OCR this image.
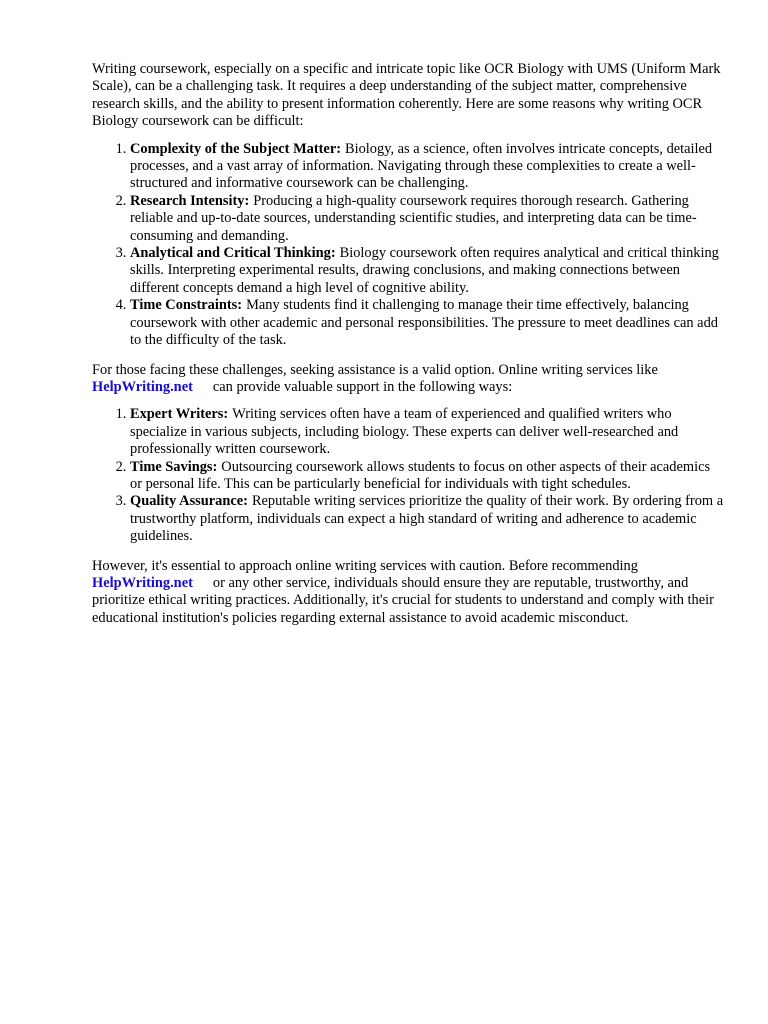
Writing coursework, especially on a specific and intricate topic like OCR Biology with UMS (Uniform Mark Scale), can be a challenging task. It requires a deep understanding of the subject matter, comprehensive research skills, and the ability to present information coherently. Here are some reasons why writing OCR Biology coursework can be difficult:

1. Complexity of the Subject Matter: Biology, as a science, often involves intricate concepts, detailed processes, and a vast array of information. Navigating through these complexities to create a well-structured and informative coursework can be challenging.
2. Research Intensity: Producing a high-quality coursework requires thorough research. Gathering reliable and up-to-date sources, understanding scientific studies, and interpreting data can be time-consuming and demanding.
3. Analytical and Critical Thinking: Biology coursework often requires analytical and critical thinking skills. Interpreting experimental results, drawing conclusions, and making connections between different concepts demand a high level of cognitive ability.
4. Time Constraints: Many students find it challenging to manage their time effectively, balancing coursework with other academic and personal responsibilities. The pressure to meet deadlines can add to the difficulty of the task.

For those facing these challenges, seeking assistance is a valid option. Online writing services like HelpWriting.net can provide valuable support in the following ways:

1. Expert Writers: Writing services often have a team of experienced and qualified writers who specialize in various subjects, including biology. These experts can deliver well-researched and professionally written coursework.
2. Time Savings: Outsourcing coursework allows students to focus on other aspects of their academics or personal life. This can be particularly beneficial for individuals with tight schedules.
3. Quality Assurance: Reputable writing services prioritize the quality of their work. By ordering from a trustworthy platform, individuals can expect a high standard of writing and adherence to academic guidelines.

However, it's essential to approach online writing services with caution. Before recommending HelpWriting.net or any other service, individuals should ensure they are reputable, trustworthy, and prioritize ethical writing practices. Additionally, it's crucial for students to understand and comply with their educational institution's policies regarding external assistance to avoid academic misconduct.
